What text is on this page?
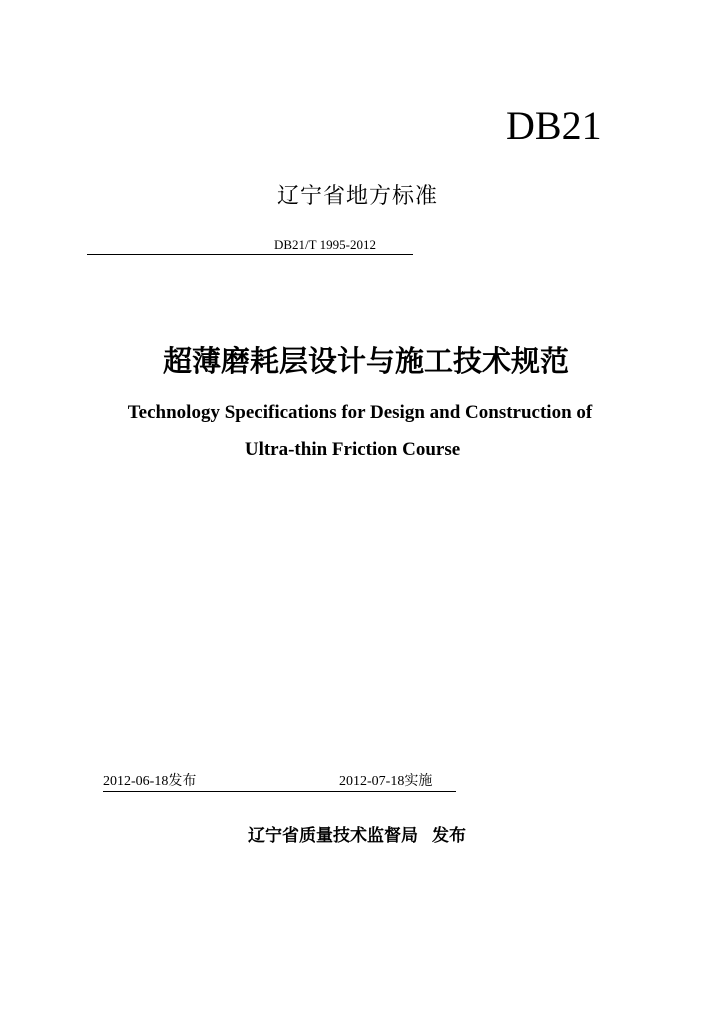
DB21
辽宁省地方标准
DB21/T 1995-2012
超薄磨耗层设计与施工技术规范
Technology Specifications for Design and Construction of
Ultra-thin Friction Course
2012-06-18发布	2012-07-18实施
辽宁省质量技术监督局 发布
